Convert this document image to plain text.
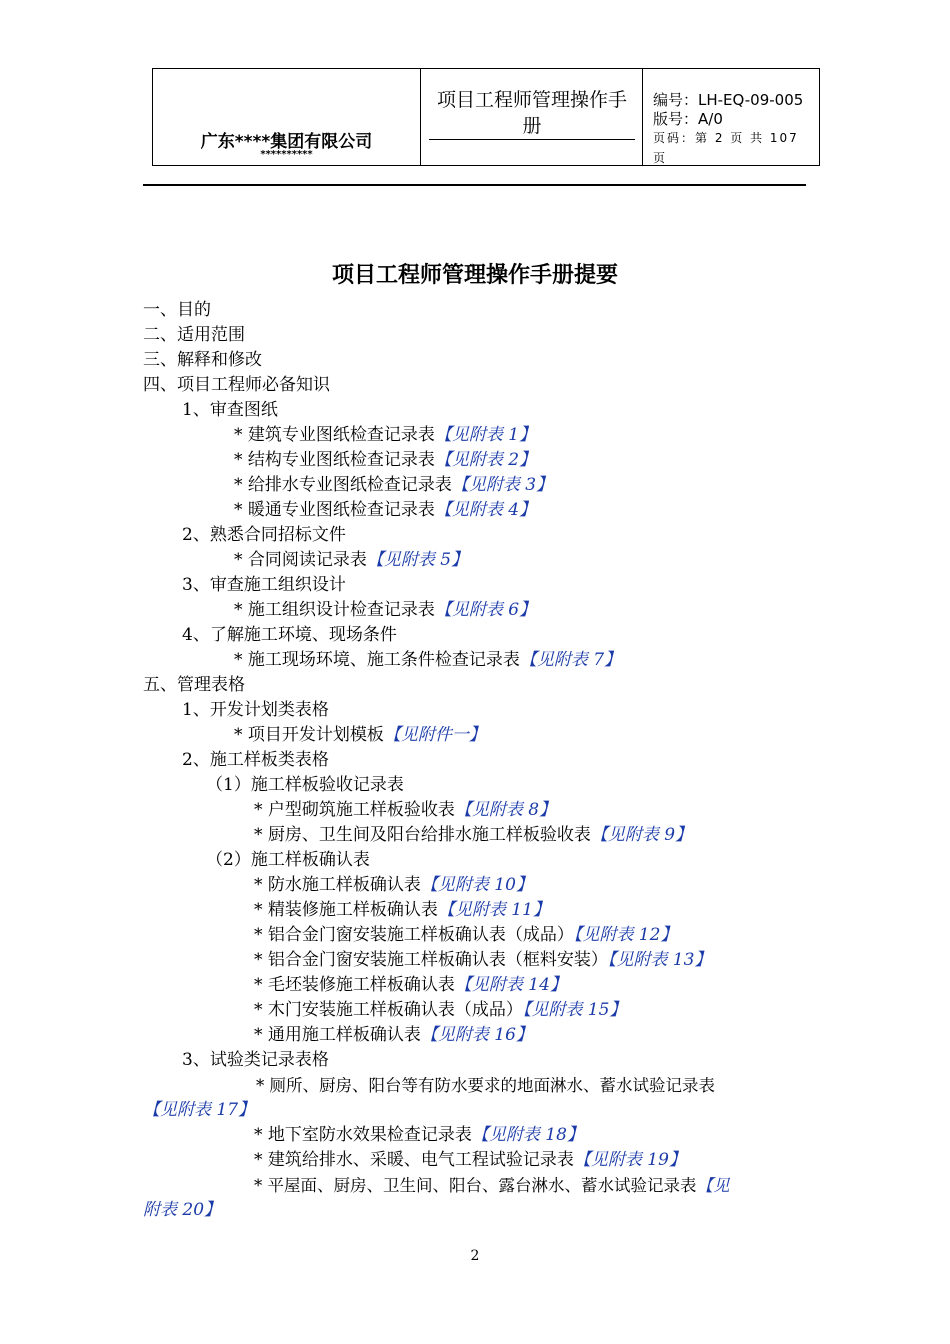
广东****集团有限公司
**********
项目工程师管理操作手册
编号：LH-EQ-09-005
版号：A/0
页码：第 2 页 共 107
页
项目工程师管理操作手册提要
一、目的
二、适用范围
三、解释和修改
四、项目工程师必备知识
1、审查图纸
* 建筑专业图纸检查记录表【见附表 1】
* 结构专业图纸检查记录表【见附表 2】
* 给排水专业图纸检查记录表【见附表 3】
* 暖通专业图纸检查记录表【见附表 4】
2、熟悉合同招标文件
* 合同阅读记录表【见附表 5】
3、审查施工组织设计
* 施工组织设计检查记录表【见附表 6】
4、了解施工环境、现场条件
* 施工现场环境、施工条件检查记录表【见附表 7】
五、管理表格
1、开发计划类表格
* 项目开发计划模板【见附件一】
2、施工样板类表格
（1）施工样板验收记录表
* 户型砌筑施工样板验收表【见附表 8】
* 厨房、卫生间及阳台给排水施工样板验收表【见附表 9】
（2）施工样板确认表
* 防水施工样板确认表【见附表 10】
* 精装修施工样板确认表【见附表 11】
* 铝合金门窗安装施工样板确认表（成品）【见附表 12】
* 铝合金门窗安装施工样板确认表（框料安装）【见附表 13】
* 毛坯装修施工样板确认表【见附表 14】
* 木门安装施工样板确认表（成品）【见附表 15】
* 通用施工样板确认表【见附表 16】
3、试验类记录表格
* 厕所、厨房、阳台等有防水要求的地面淋水、蓄水试验记录表
【见附表 17】
* 地下室防水效果检查记录表【见附表 18】
* 建筑给排水、采暖、电气工程试验记录表【见附表 19】
* 平屋面、厨房、卫生间、阳台、露台淋水、蓄水试验记录表【见
附表 20】
2
